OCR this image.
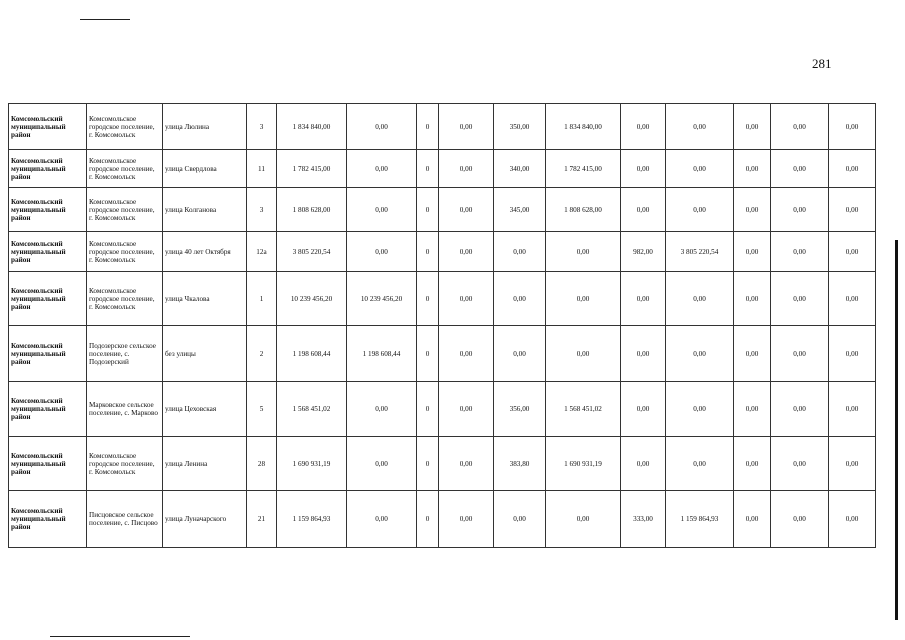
281
Комсомольский муниципальный район	Комсомольское городское поселение, г. Комсомольск	улица Люлина	3	1 834 840,00	0,00	0	0,00	350,00	1 834 840,00	0,00	0,00	0,00	0,00	0,00
Комсомольский муниципальный район	Комсомольское городское поселение, г. Комсомольск	улица Свердлова	11	1 782 415,00	0,00	0	0,00	340,00	1 782 415,00	0,00	0,00	0,00	0,00	0,00
Комсомольский муниципальный район	Комсомольское городское поселение, г. Комсомольск	улица Колганова	3	1 808 628,00	0,00	0	0,00	345,00	1 808 628,00	0,00	0,00	0,00	0,00	0,00
Комсомольский муниципальный район	Комсомольское городское поселение, г. Комсомольск	улица 40 лет Октября	12а	3 805 220,54	0,00	0	0,00	0,00	0,00	982,00	3 805 220,54	0,00	0,00	0,00
Комсомольский муниципальный район	Комсомольское городское поселение, г. Комсомольск	улица Чкалова	1	10 239 456,20	10 239 456,20	0	0,00	0,00	0,00	0,00	0,00	0,00	0,00	0,00
Комсомольский муниципальный район	Подозерское сельское поселение, с. Подозерский	без улицы	2	1 198 608,44	1 198 608,44	0	0,00	0,00	0,00	0,00	0,00	0,00	0,00	0,00
Комсомольский муниципальный район	Марковское сельское поселение, с. Марково	улица Цеховская	5	1 568 451,02	0,00	0	0,00	356,00	1 568 451,02	0,00	0,00	0,00	0,00	0,00
Комсомольский муниципальный район	Комсомольское городское поселение, г. Комсомольск	улица Ленина	28	1 690 931,19	0,00	0	0,00	383,80	1 690 931,19	0,00	0,00	0,00	0,00	0,00
Комсомольский муниципальный район	Писцовское сельское поселение, с. Писцово	улица Луначарского	21	1 159 864,93	0,00	0	0,00	0,00	0,00	333,00	1 159 864,93	0,00	0,00	0,00
